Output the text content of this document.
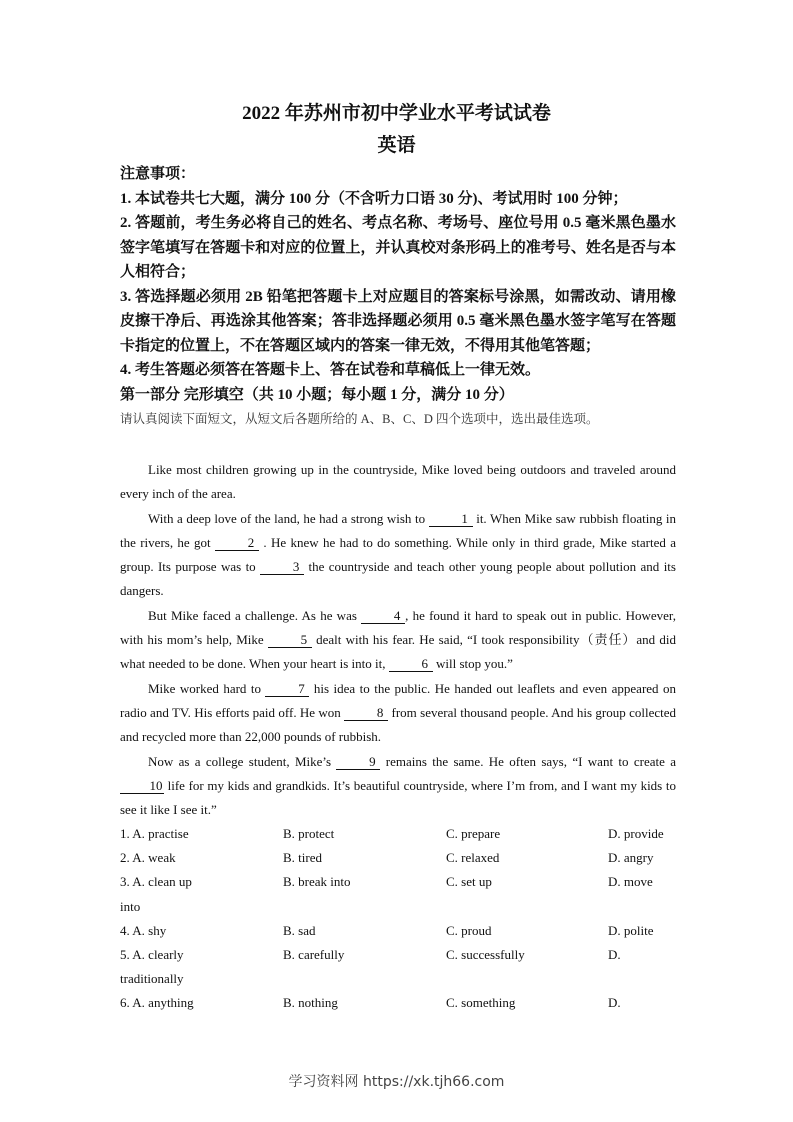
2022 年苏州市初中学业水平考试试卷
英语

注意事项：

1. 本试卷共七大题，满分 100 分（不含听力口语 30 分)、考试用时 100 分钟；

2. 答题前，考生务必将自己的姓名、考点名称、考场号、座位号用 0.5 毫米黑色墨水签字笔填写在答题卡和对应的位置上，并认真校对条形码上的准考号、姓名是否与本人相符合；

3. 答选择题必须用 2B 铅笔把答题卡上对应题目的答案标号涂黑，如需改动、请用橡皮擦干净后、再选涂其他答案；答非选择题必须用 0.5 毫米黑色墨水签字笔写在答题卡指定的位置上，不在答题区域内的答案一律无效，不得用其他笔答题；

4. 考生答题必须答在答题卡上、答在试卷和草稿低上一律无效。

第一部分 完形填空（共 10 小题；每小题 1 分，满分 10 分）

请认真阅读下面短文，从短文后各题所给的 A、B、C、D 四个选项中，选出最佳选项。

Like most children growing up in the countryside, Mike loved being outdoors and traveled around every inch of the area.

With a deep love of the land, he had a strong wish to	1 it. When Mike saw rubbish floating in the rivers, he got	2 . He knew he had to do something. While only in third grade, Mike started a group. Its purpose was to	3 the countryside and teach other young people about pollution and its dangers.

But Mike faced a challenge. As he was	4 , he found it hard to speak out in public. However, with his mom’s help, Mike	5 dealt with his fear. He said, “I took responsibility（责任）and did what needed to be done. When your heart is into it,	6 will stop you.”

Mike worked hard to	7 his idea to the public. He handed out leaflets and even appeared on radio and TV. His efforts paid off. He won	8 from several thousand people. And his group collected and recycled more than 22,000 pounds of rubbish.

Now as a college student, Mike’s	9 remains the same. He often says, “I want to create a 10 life for my kids and grandkids. It’s beautiful countryside, where I’m from, and I want my kids to see it like I see it.”

1. A. practise	B. protect	C. prepare	D. provide
2. A. weak	B. tired	C. relaxed	D. angry
3. A. clean up	B. break into	C. set up	D. move
into
4. A. shy	B. sad	C. proud	D. polite
5. A. clearly	B. carefully	C. successfully	D.
traditionally
6. A. anything	B. nothing	C. something	D.
学习资料网 https://xk.tjh66.com
